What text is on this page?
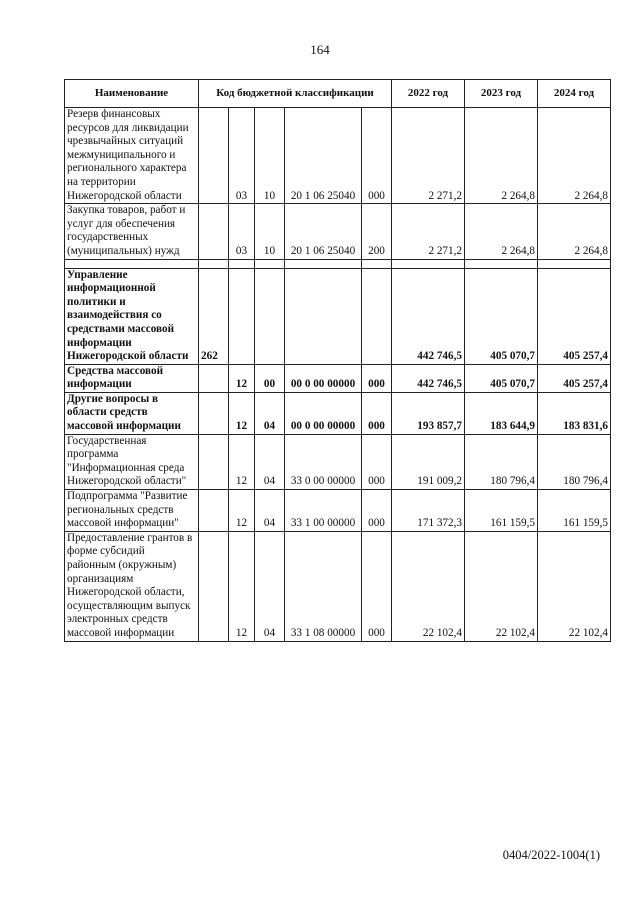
164
Наименование	Код бюджетной классификации					2022 год	2023 год	2024 год
Резерв финансовых ресурсов для ликвидации чрезвычайных ситуаций межмуниципального и регионального характера на территории Нижегородской области		03	10	20 1 06 25040	000	2 271,2	2 264,8	2 264,8
Закупка товаров, работ и услуг для обеспечения государственных (муниципальных) нужд		03	10	20 1 06 25040	200	2 271,2	2 264,8	2 264,8

Управление информационной политики и взаимодействия со средствами массовой информации Нижегородской области	262					442 746,5	405 070,7	405 257,4
Средства массовой информации		12	00	00 0 00 00000	000	442 746,5	405 070,7	405 257,4
Другие вопросы в области средств массовой информации		12	04	00 0 00 00000	000	193 857,7	183 644,9	183 831,6
Государственная программа "Информационная среда Нижегородской области"		12	04	33 0 00 00000	000	191 009,2	180 796,4	180 796,4
Подпрограмма "Развитие региональных средств массовой информации"		12	04	33 1 00 00000	000	171 372,3	161 159,5	161 159,5
Предоставление грантов в форме субсидий районным (окружным) организациям Нижегородской области, осуществляющим выпуск электронных средств массовой информации		12	04	33 1 08 00000	000	22 102,4	22 102,4	22 102,4
0404/2022-1004(1)
